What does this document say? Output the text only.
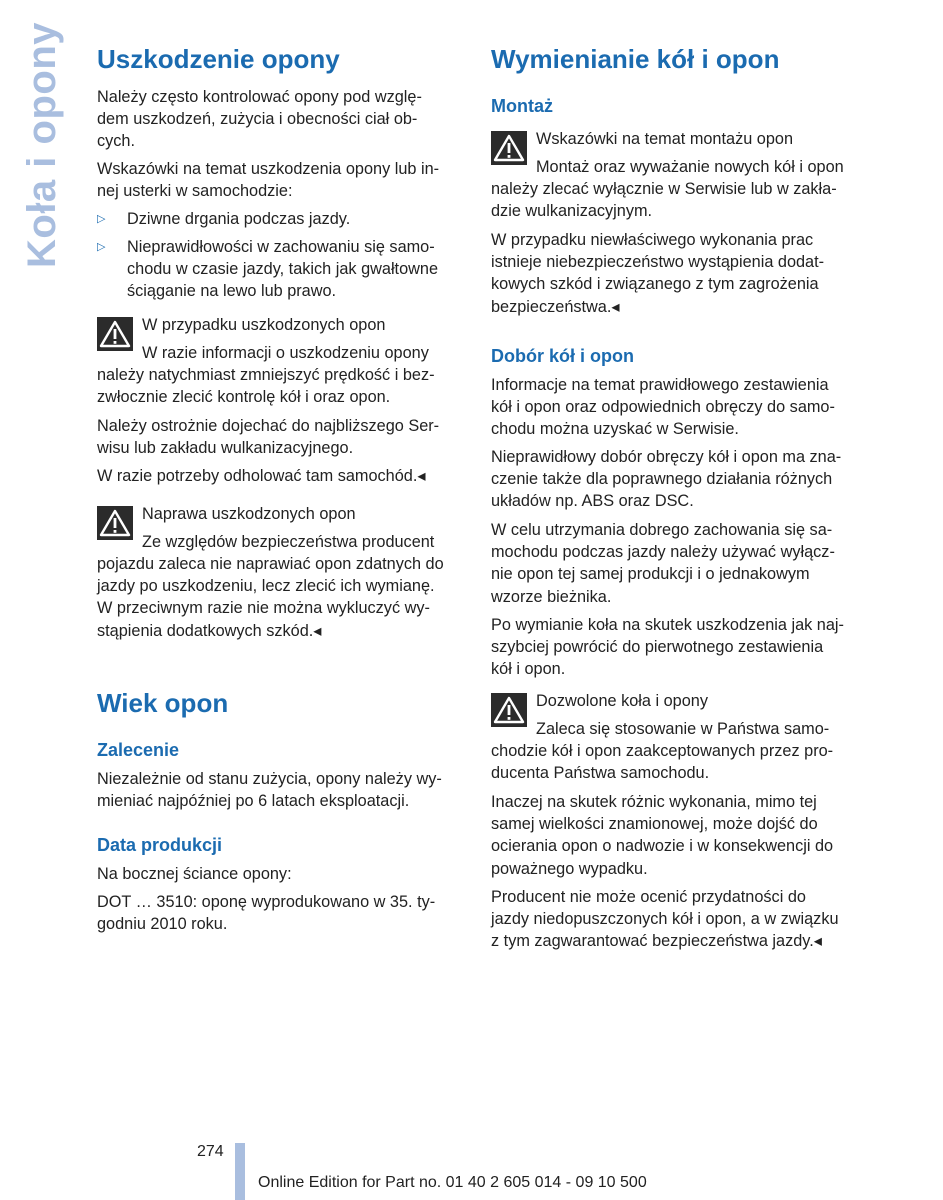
Koła i opony Uszkodzenie opony

Należy często kontrolować opony pod wzglę-
dem uszkodzeń, zużycia i obecności ciał ob-
cych.

Wskazówki na temat uszkodzenia opony lub in-
nej usterki w samochodzie:

▷ Dziwne drgania podczas jazdy.

▷ Nieprawidłowości w zachowaniu się samo-
chodu w czasie jazdy, takich jak gwałtowne
ściąganie na lewo lub prawo.

W przypadku uszkodzonych opon

W razie informacji o uszkodzeniu opony

należy natychmiast zmniejszyć prędkość i bez-
zwłocznie zlecić kontrolę kół i oraz opon.

Należy ostrożnie dojechać do najbliższego Ser-
wisu lub zakładu wulkanizacyjnego.

W razie potrzeby odholować tam samochód.◂

Naprawa uszkodzonych opon

Ze względów bezpieczeństwa producent

pojazdu zaleca nie naprawiać opon zdatnych do
jazdy po uszkodzeniu, lecz zlecić ich wymianę.
W przeciwnym razie nie można wykluczyć wy-
stąpienia dodatkowych szkód.◂

Wiek opon
Zalecenie

Niezależnie od stanu zużycia, opony należy wy-
mieniać najpóźniej po 6 latach eksploatacji.

Data produkcji

Na bocznej ściance opony:

DOT … 3510: oponę wyprodukowano w 35. ty-
godniu 2010 roku.

Wymienianie kół i opon
Montaż

Wskazówki na temat montażu opon

Montaż oraz wyważanie nowych kół i opon

należy zlecać wyłącznie w Serwisie lub w zakła-
dzie wulkanizacyjnym.

W przypadku niewłaściwego wykonania prac
istnieje niebezpieczeństwo wystąpienia dodat-
kowych szkód i związanego z tym zagrożenia
bezpieczeństwa.◂

Dobór kół i opon

Informacje na temat prawidłowego zestawienia
kół i opon oraz odpowiednich obręczy do samo-
chodu można uzyskać w Serwisie.

Nieprawidłowy dobór obręczy kół i opon ma zna-
czenie także dla poprawnego działania różnych
układów np. ABS oraz DSC.

W celu utrzymania dobrego zachowania się sa-
mochodu podczas jazdy należy używać wyłącz-
nie opon tej samej produkcji i o jednakowym
wzorze bieżnika.

Po wymianie koła na skutek uszkodzenia jak naj-
szybciej powrócić do pierwotnego zestawienia
kół i opon.

Dozwolone koła i opony

Zaleca się stosowanie w Państwa samo-

chodzie kół i opon zaakceptowanych przez pro-
ducenta Państwa samochodu.

Inaczej na skutek różnic wykonania, mimo tej
samej wielkości znamionowej, może dojść do
ocierania opon o nadwozie i w konsekwencji do
poważnego wypadku.

Producent nie może ocenić przydatności do
jazdy niedopuszczonych kół i opon, a w związku
z tym zagwarantować bezpieczeństwa jazdy.◂

274
Online Edition for Part no. 01 40 2 605 014 - 09 10 500
